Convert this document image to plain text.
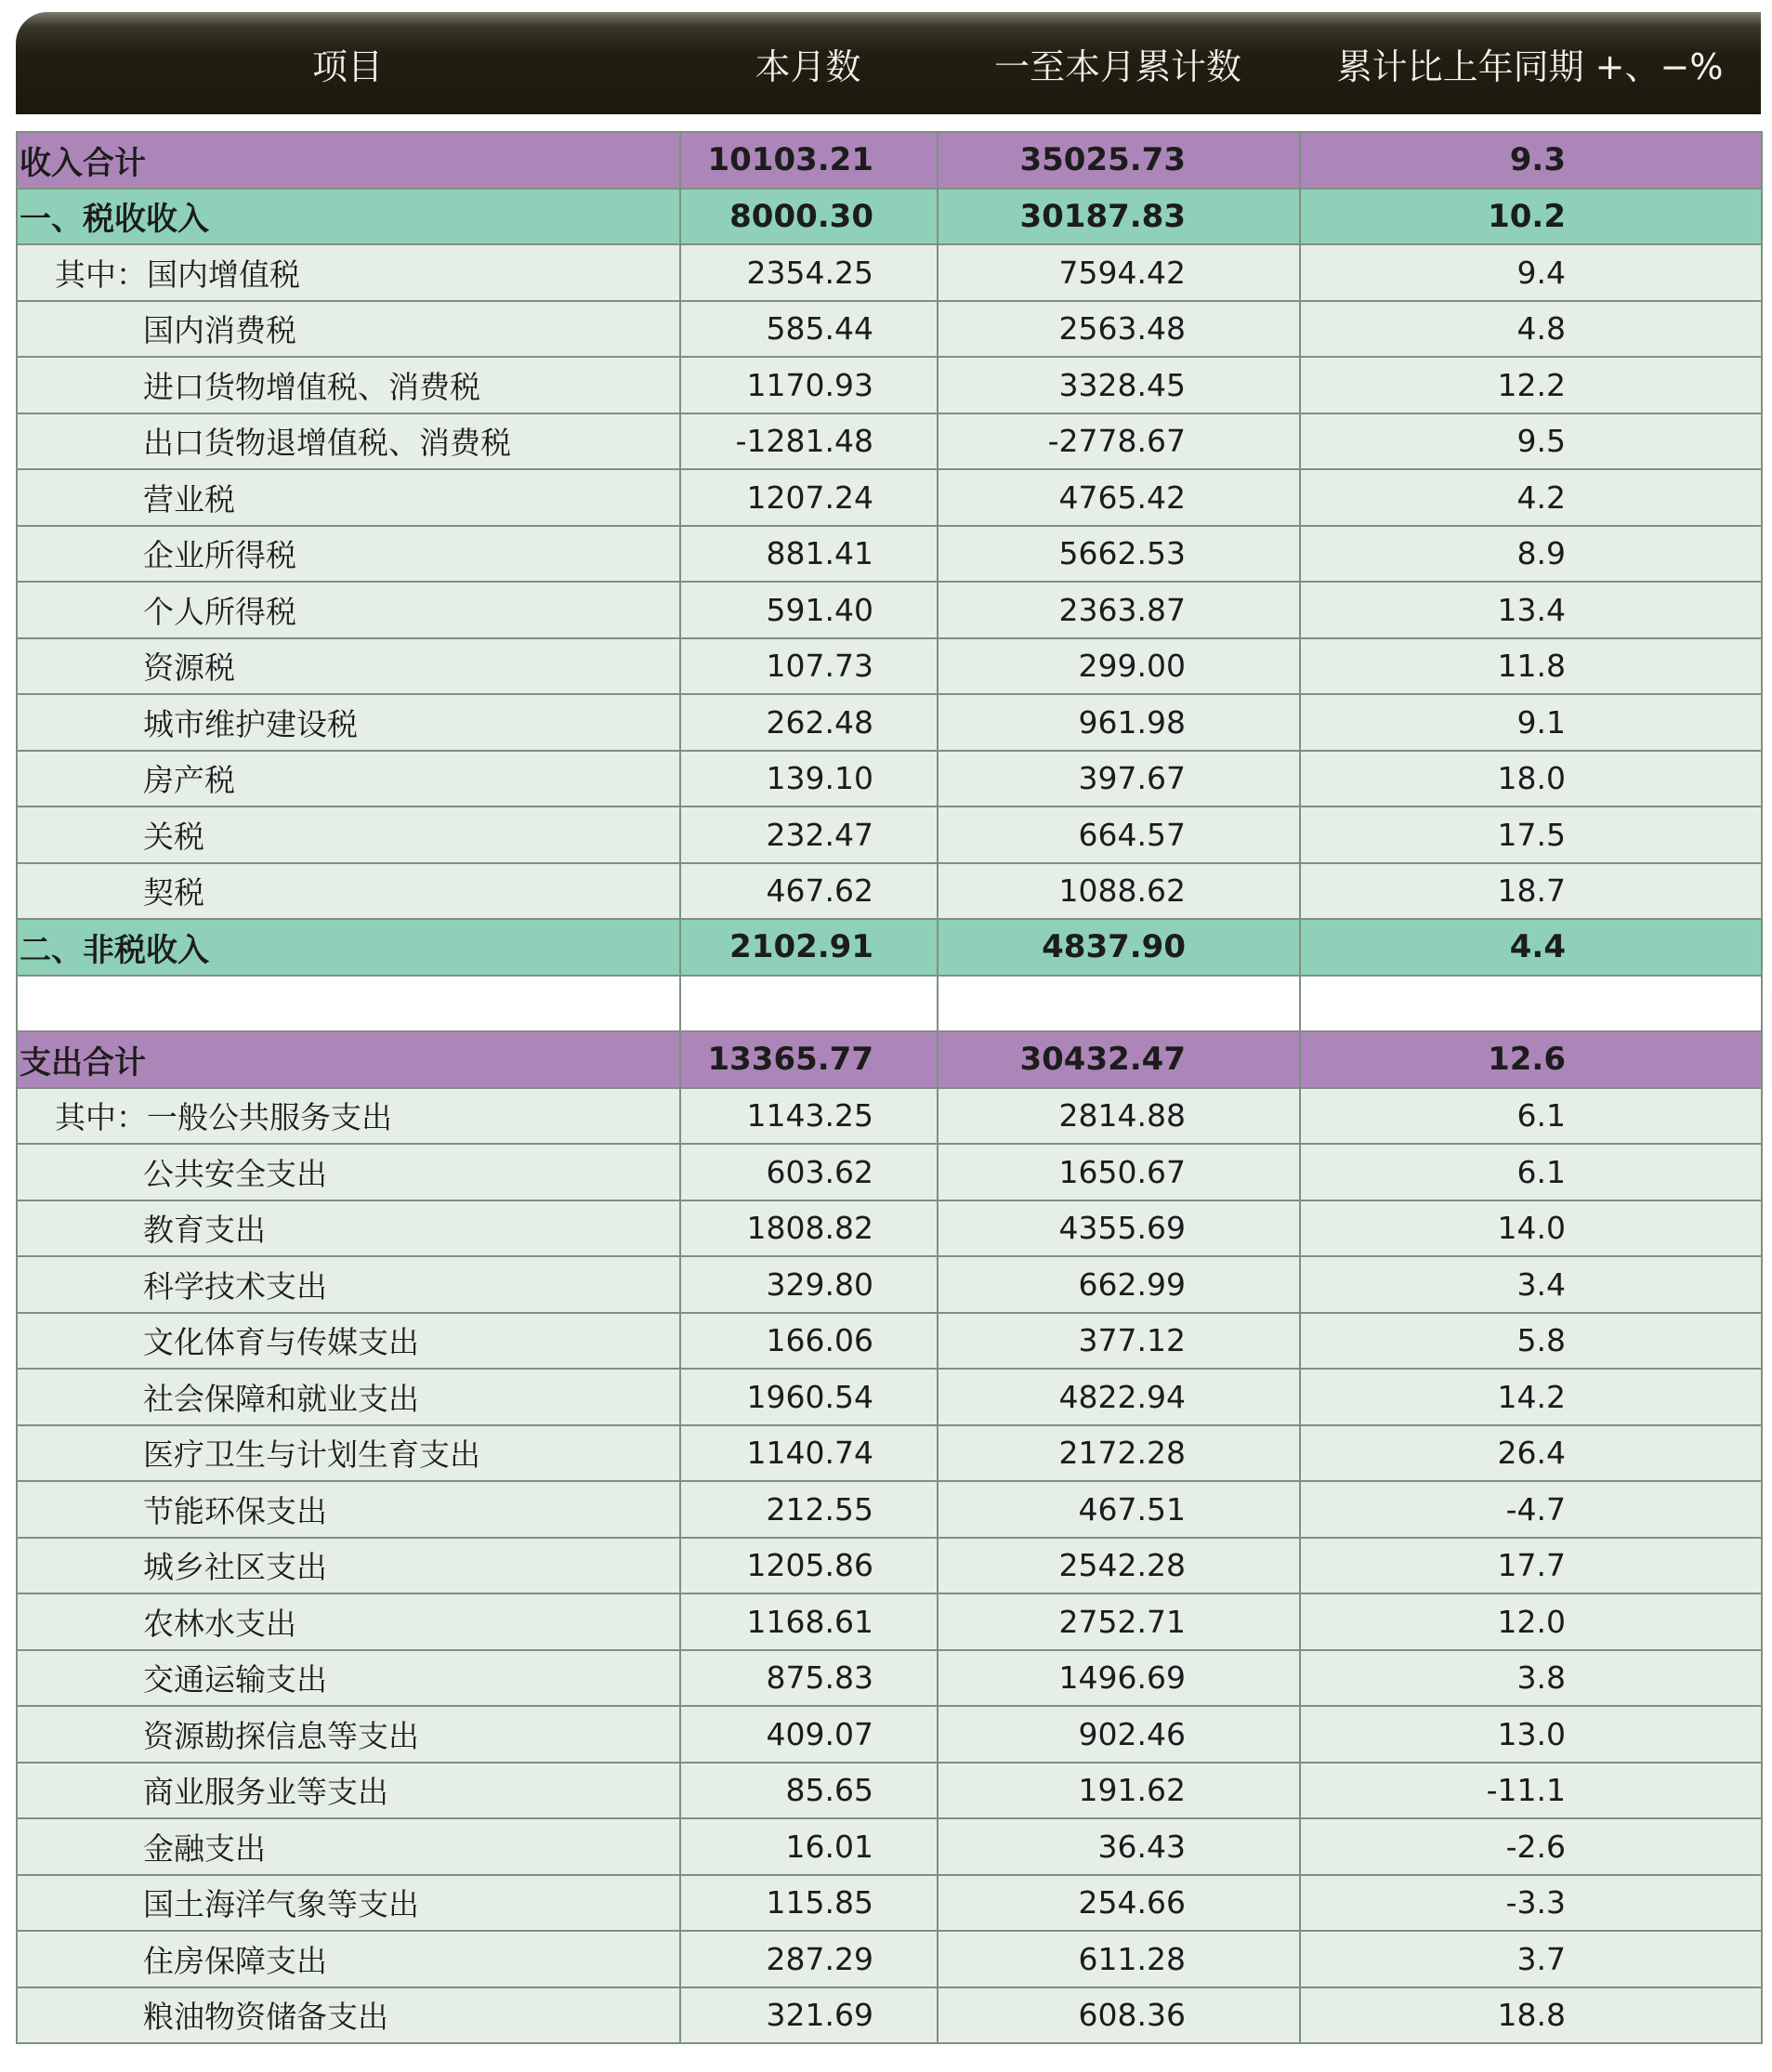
项目	本月数	一至本月累计数	累计比上年同期 +、−%
收入合计	10103.21	35025.73	9.3
一、税收收入	8000.30	30187.83	10.2
其中：国内增值税	2354.25	7594.42	9.4
国内消费税	585.44	2563.48	4.8
进口货物增值税、消费税	1170.93	3328.45	12.2
出口货物退增值税、消费税	-1281.48	-2778.67	9.5
营业税	1207.24	4765.42	4.2
企业所得税	881.41	5662.53	8.9
个人所得税	591.40	2363.87	13.4
资源税	107.73	299.00	11.8
城市维护建设税	262.48	961.98	9.1
房产税	139.10	397.67	18.0
关税	232.47	664.57	17.5
契税	467.62	1088.62	18.7
二、非税收入	2102.91	4837.90	4.4

支出合计	13365.77	30432.47	12.6
其中：一般公共服务支出	1143.25	2814.88	6.1
公共安全支出	603.62	1650.67	6.1
教育支出	1808.82	4355.69	14.0
科学技术支出	329.80	662.99	3.4
文化体育与传媒支出	166.06	377.12	5.8
社会保障和就业支出	1960.54	4822.94	14.2
医疗卫生与计划生育支出	1140.74	2172.28	26.4
节能环保支出	212.55	467.51	-4.7
城乡社区支出	1205.86	2542.28	17.7
农林水支出	1168.61	2752.71	12.0
交通运输支出	875.83	1496.69	3.8
资源勘探信息等支出	409.07	902.46	13.0
商业服务业等支出	85.65	191.62	-11.1
金融支出	16.01	36.43	-2.6
国土海洋气象等支出	115.85	254.66	-3.3
住房保障支出	287.29	611.28	3.7
粮油物资储备支出	321.69	608.36	18.8
